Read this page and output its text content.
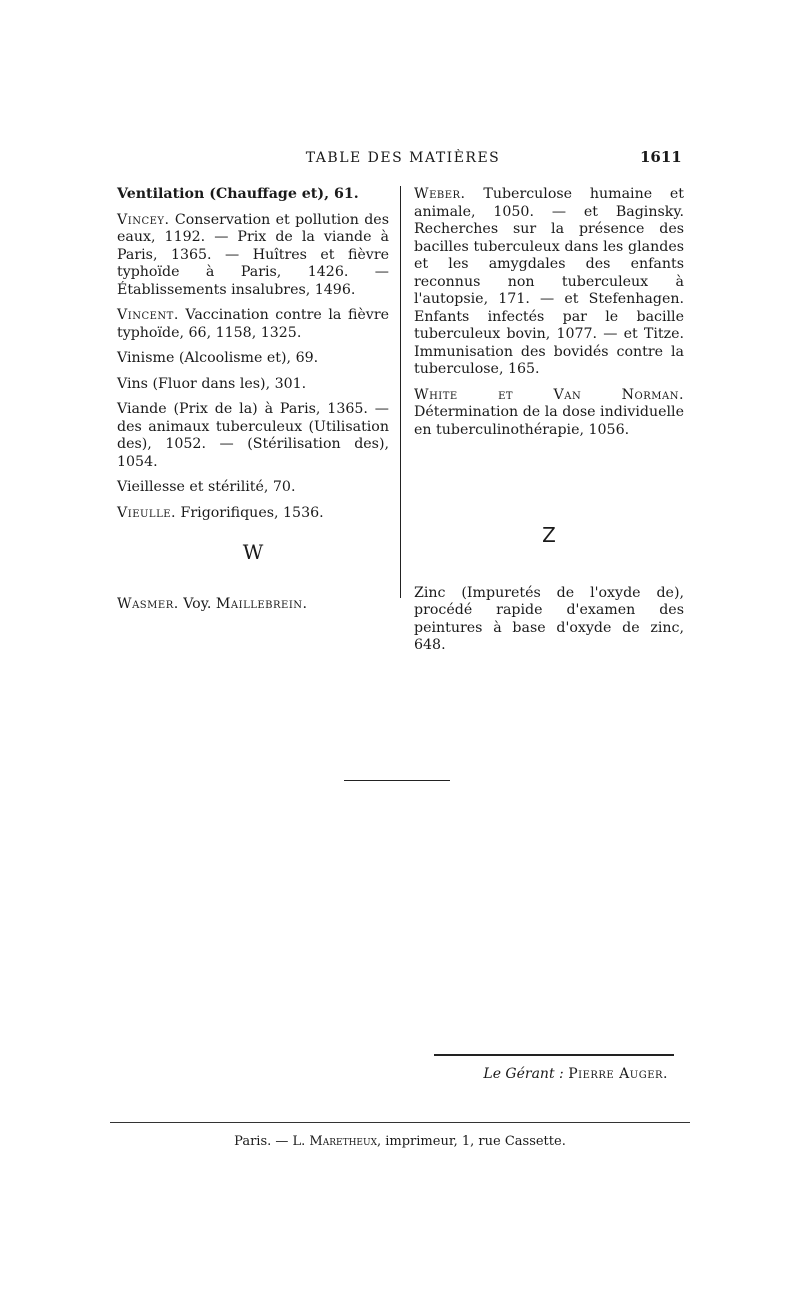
TABLE DES MATIÈRES	1611

Ventilation (Chauffage et), 61.

Vincey. Conservation et pollution des eaux, 1192. — Prix de la viande à Paris, 1365. — Huîtres et fièvre typhoïde à Paris, 1426. — Établissements insalubres, 1496.

Vincent. Vaccination contre la fièvre typhoïde, 66, 1158, 1325.

Vinisme (Alcoolisme et), 69.

Vins (Fluor dans les), 301.

Viande (Prix de la) à Paris, 1365. — des animaux tuberculeux (Utilisation des), 1052. — (Stérilisation des), 1054.

Vieillesse et stérilité, 70.

Vieulle. Frigorifiques, 1536.

W

Wasmer. Voy. Maillebrein.

Weber. Tuberculose humaine et animale, 1050. — et Baginsky. Recherches sur la présence des bacilles tuberculeux dans les glandes et les amygdales des enfants reconnus non tuberculeux à l'autopsie, 171. — et Stefenhagen. Enfants infectés par le bacille tuberculeux bovin, 1077. — et Titze. Immunisation des bovidés contre la tuberculose, 165.

White et Van Norman. Détermination de la dose individuelle en tuberculinothérapie, 1056.

Z

Zinc (Impuretés de l'oxyde de), procédé rapide d'examen des peintures à base d'oxyde de zinc, 648.

Le Gérant : Pierre Auger.
Paris. — L. Maretheux, imprimeur, 1, rue Cassette.
